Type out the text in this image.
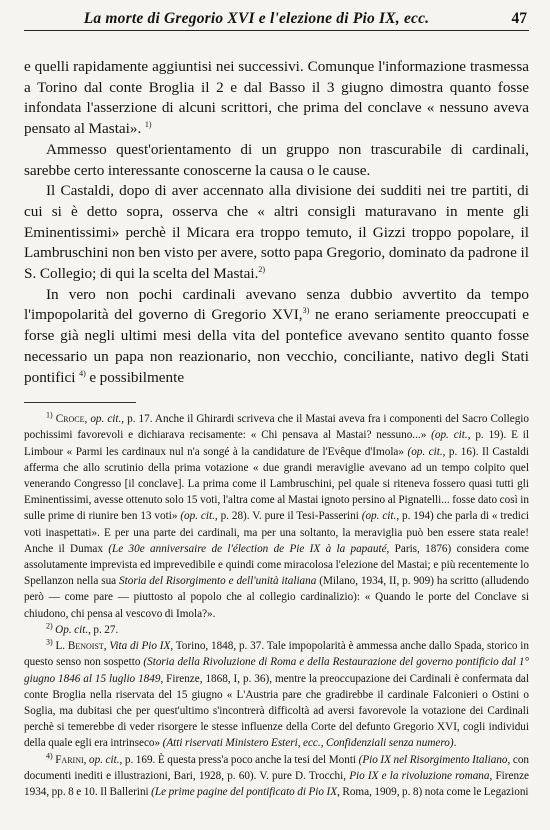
La morte di Gregorio XVI e l'elezione di Pio IX, ecc.	47

e quelli rapidamente aggiuntisi nei successivi. Comunque l'informazione trasmessa a Torino dal conte Broglia il 2 e dal Basso il 3 giugno dimostra quanto fosse infondata l'asserzione di alcuni scrittori, che prima del conclave « nessuno aveva pensato al Mastai». $^{1)}$

Ammesso quest'orientamento di un gruppo non trascurabile di cardinali, sarebbe certo interessante conoscerne la causa o le cause.

Il Castaldi, dopo di aver accennato alla divisione dei sudditi nei tre partiti, di cui si è detto sopra, osserva che « altri consigli maturavano in mente gli Eminentissimi» perchè il Micara era troppo temuto, il Gizzi troppo popolare, il Lambruschini non ben visto per avere, sotto papa Gregorio, dominato da padrone il S. Collegio; di qui la scelta del Mastai.$^{2)}$

In vero non pochi cardinali avevano senza dubbio avvertito da tempo l'impopolarità del governo di Gregorio XVI,$^{3)}$ ne erano seriamente preoccupati e forse già negli ultimi mesi della vita del pontefice avevano sentito quanto fosse necessario un papa non reazionario, non vecchio, conciliante, nativo degli Stati pontifici $^{4)}$ e possibilmente

$^{1)}$ Croce, op. cit., p. 17. Anche il Ghirardi scriveva che il Mastai aveva fra i componenti del Sacro Collegio pochissimi favorevoli e dichiarava recisamente: « Chi pensava al Mastai? nessuno...» (op. cit., p. 19). E il Limbour « Parmi les cardinaux nul n'a songé à la candidature de l'Evêque d'Imola» (op. cit., p. 16). Il Castaldi afferma che allo scrutinio della prima votazione « due grandi meraviglie avevano ad un tempo colpito quel venerando Congresso [il conclave]. La prima come il Lambruschini, pel quale si riteneva fossero quasi tutti gli Eminentissimi, avesse ottenuto solo 15 voti, l'altra come al Mastai ignoto persino al Pignatelli... fosse dato così in sulle prime di riunire ben 13 voti» (op. cit., p. 28). V. pure il Tesi-Passerini (op. cit., p. 194) che parla di « tredici voti inaspettati». E per una parte dei cardinali, ma per una soltanto, la meraviglia può ben essere stata reale! Anche il Dumax (Le 30e anniversaire de l'élection de Pie IX à la papauté, Paris, 1876) considera come assolutamente imprevista ed imprevedibile e quindi come miracolosa l'elezione del Mastai; e più recentemente lo Spellanzon nella sua Storia del Risorgimento e dell'unità italiana (Milano, 1934, II, p. 909) ha scritto (alludendo però — come pare — piuttosto al popolo che al collegio cardinalizio): « Quando le porte del Conclave si chiudono, chi pensa al vescovo di Imola?».

$^{2)}$ Op. cit., p. 27.

$^{3)}$ L. Benoist, Vita di Pio IX, Torino, 1848, p. 37. Tale impopolarità è ammessa anche dallo Spada, storico in questo senso non sospetto (Storia della Rivoluzione di Roma e della Restaurazione del governo pontificio dal 1° giugno 1846 al 15 luglio 1849, Firenze, 1868, I, p. 36), mentre la preoccupazione dei Cardinali è confermata dal conte Broglia nella riservata del 15 giugno « L'Austria pare che gradirebbe il cardinale Falconieri o Ostini o Soglia, ma dubitasi che per quest'ultimo s'incontrerà difficoltà ad aversi favorevole la votazione dei Cardinali perchè si temerebbe di veder risorgere le stesse influenze della Corte del defunto Gregorio XVI, cogli individui della quale egli era intrinseco» (Atti riservati Ministero Esteri, ecc., Confidenziali senza numero).

$^{4)}$ Farini, op. cit., p. 169. È questa press'a poco anche la tesi del Monti (Pio IX nel Risorgimento Italiano, con documenti inediti e illustrazioni, Bari, 1928, p. 60). V. pure D. Trocchi, Pio IX e la rivoluzione romana, Firenze 1934, pp. 8 e 10. Il Ballerini (Le prime pagine del pontificato di Pio IX, Roma, 1909, p. 8) nota come le Legazioni
